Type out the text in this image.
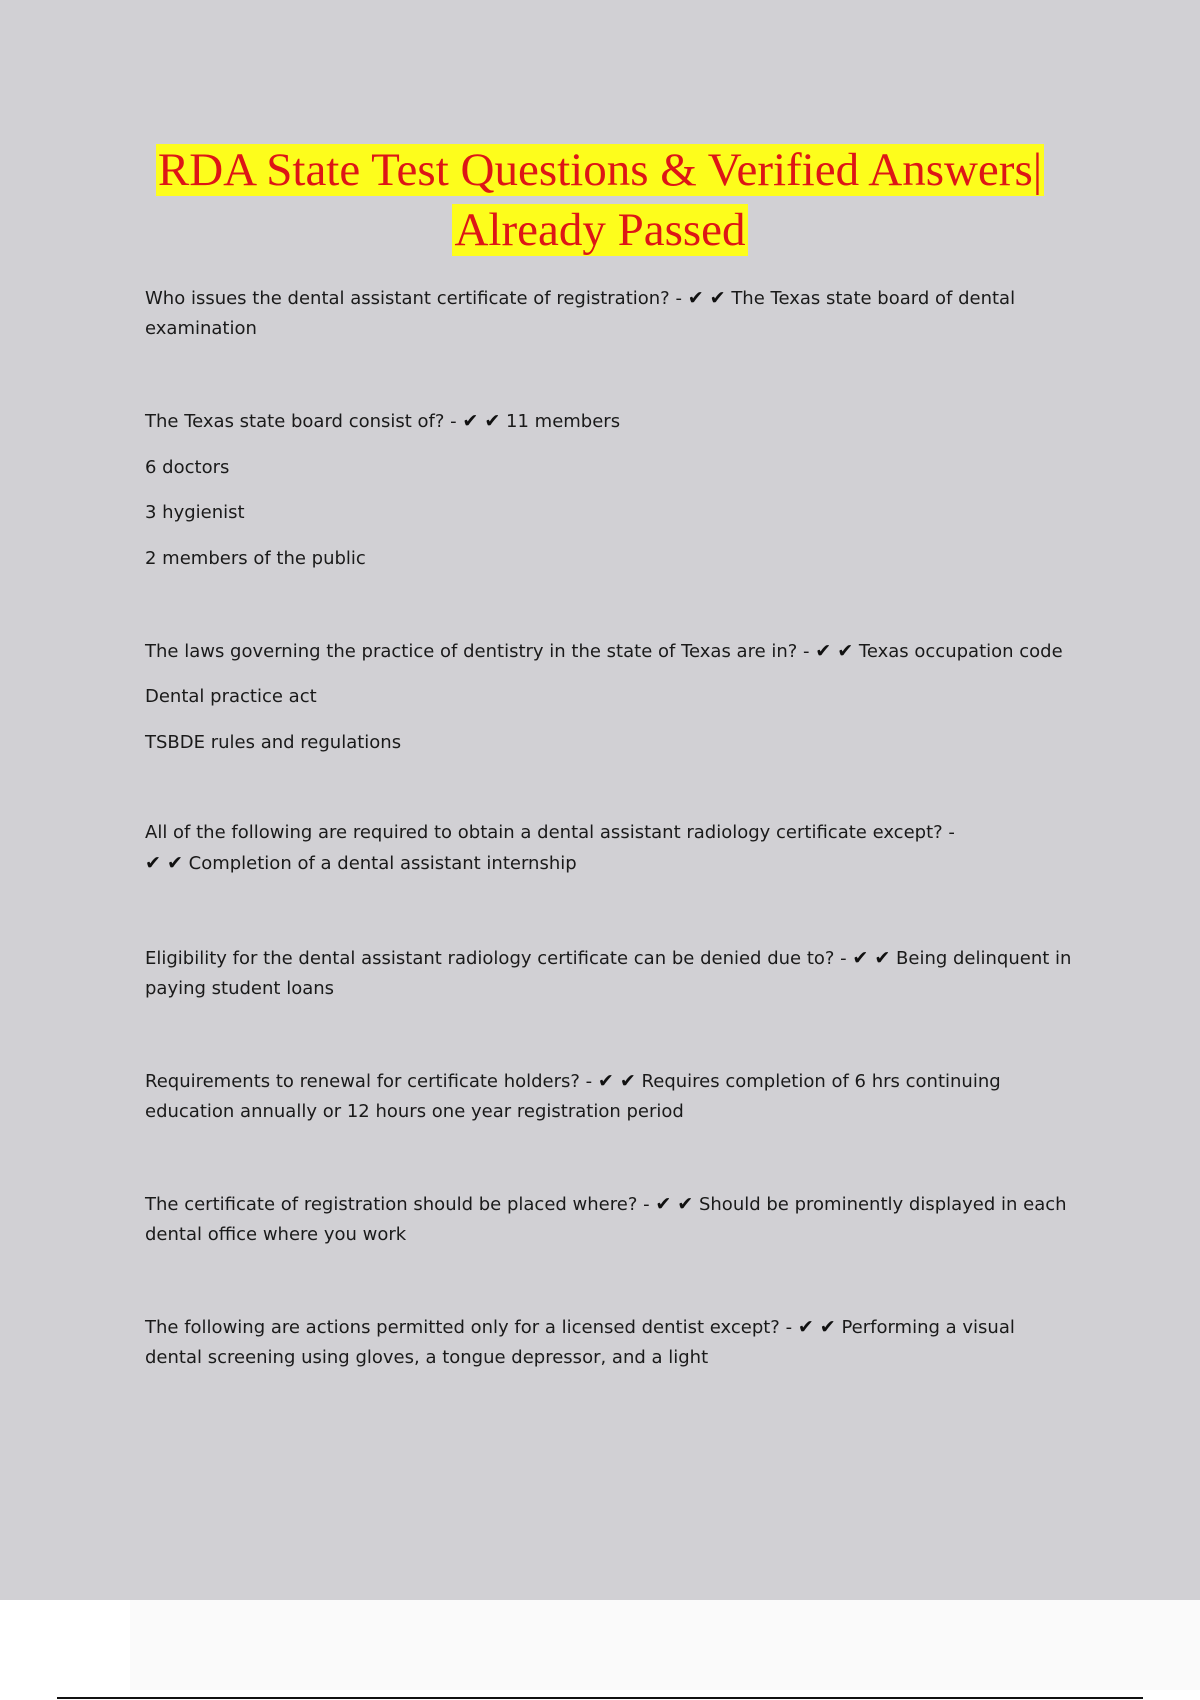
RDA State Test Questions & Verified Answers|
Already Passed

Who issues the dental assistant certificate of registration? - ✔ ✔ The Texas state board of dental
examination

The Texas state board consist of? - ✔ ✔ 11 members

6 doctors
3 hygienist
2 members of the public

The laws governing the practice of dentistry in the state of Texas are in? - ✔ ✔ Texas occupation code

Dental practice act
TSBDE rules and regulations

All of the following are required to obtain a dental assistant radiology certificate except? -
✔ ✔ Completion of a dental assistant internship

Eligibility for the dental assistant radiology certificate can be denied due to? - ✔ ✔ Being delinquent in
paying student loans

Requirements to renewal for certificate holders? - ✔ ✔ Requires completion of 6 hrs continuing
education annually or 12 hours one year registration period

The certificate of registration should be placed where? - ✔ ✔ Should be prominently displayed in each
dental office where you work

The following are actions permitted only for a licensed dentist except? - ✔ ✔ Performing a visual
dental screening using gloves, a tongue depressor, and a light
